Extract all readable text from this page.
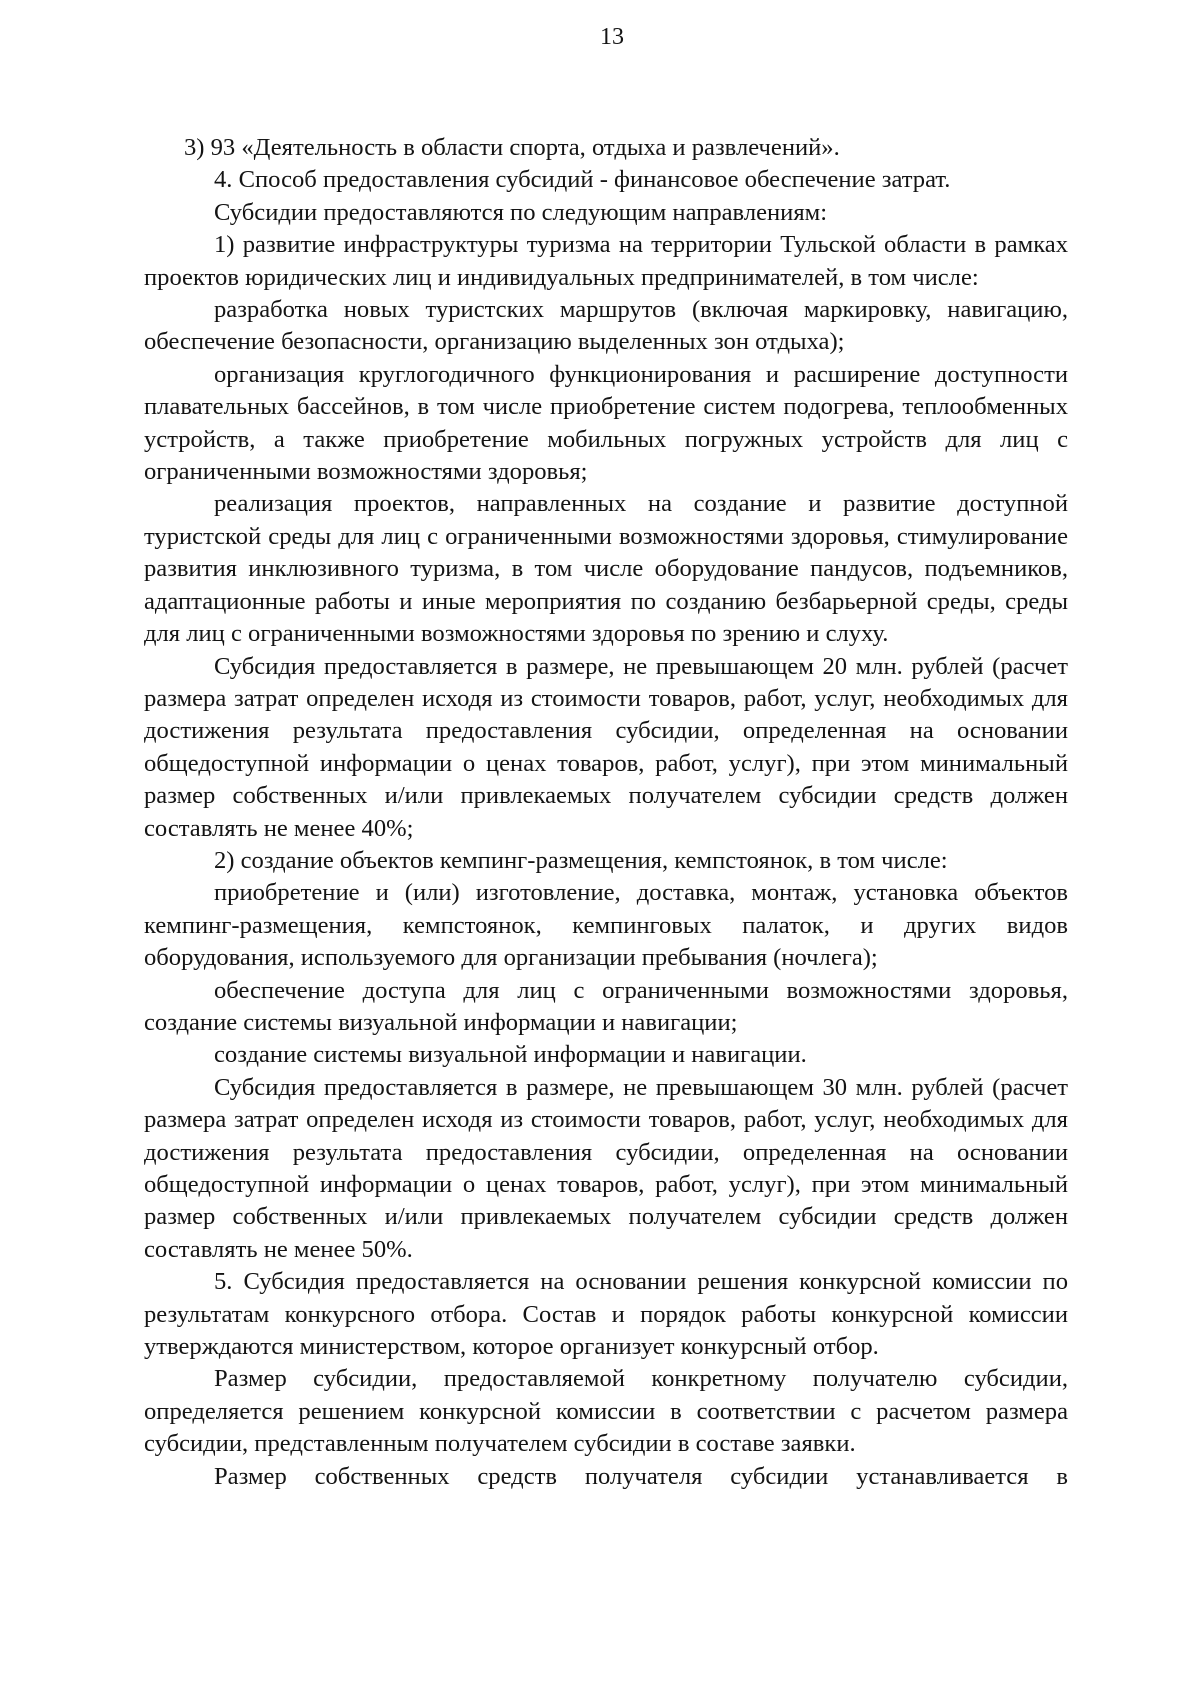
13

3) 93 «Деятельность в области спорта, отдыха и развлечений».

4. Способ предоставления субсидий - финансовое обеспечение затрат.

Субсидии предоставляются по следующим направлениям:

1) развитие инфраструктуры туризма на территории Тульской области в рамках проектов юридических лиц и индивидуальных предпринимателей, в том числе:

разработка новых туристских маршрутов (включая маркировку, навигацию, обеспечение безопасности, организацию выделенных зон отдыха);

организация круглогодичного функционирования и расширение доступности плавательных бассейнов, в том числе приобретение систем подогрева, теплообменных устройств, а также приобретение мобильных погружных устройств для лиц с ограниченными возможностями здоровья;

реализация проектов, направленных на создание и развитие доступной туристской среды для лиц с ограниченными возможностями здоровья, стимулирование развития инклюзивного туризма, в том числе оборудование пандусов, подъемников, адаптационные работы и иные мероприятия по созданию безбарьерной среды, среды для лиц с ограниченными возможностями здоровья по зрению и слуху.

Субсидия предоставляется в размере, не превышающем 20 млн. рублей (расчет размера затрат определен исходя из стоимости товаров, работ, услуг, необходимых для достижения результата предоставления субсидии, определенная на основании общедоступной информации о ценах товаров, работ, услуг), при этом минимальный размер собственных и/или привлекаемых получателем субсидии средств должен составлять не менее 40%;

2) создание объектов кемпинг-размещения, кемпстоянок, в том числе:

приобретение и (или) изготовление, доставка, монтаж, установка объектов кемпинг-размещения, кемпстоянок, кемпинговых палаток, и других видов оборудования, используемого для организации пребывания (ночлега);

обеспечение доступа для лиц с ограниченными возможностями здоровья, создание системы визуальной информации и навигации;

создание системы визуальной информации и навигации.

Субсидия предоставляется в размере, не превышающем 30 млн. рублей (расчет размера затрат определен исходя из стоимости товаров, работ, услуг, необходимых для достижения результата предоставления субсидии, определенная на основании общедоступной информации о ценах товаров, работ, услуг), при этом минимальный размер собственных и/или привлекаемых получателем субсидии средств должен составлять не менее 50%.

5. Субсидия предоставляется на основании решения конкурсной комиссии по результатам конкурсного отбора. Состав и порядок работы конкурсной комиссии утверждаются министерством, которое организует конкурсный отбор.

Размер субсидии, предоставляемой конкретному получателю субсидии, определяется решением конкурсной комиссии в соответствии с расчетом размера субсидии, представленным получателем субсидии в составе заявки.

Размер собственных средств получателя субсидии устанавливается в
